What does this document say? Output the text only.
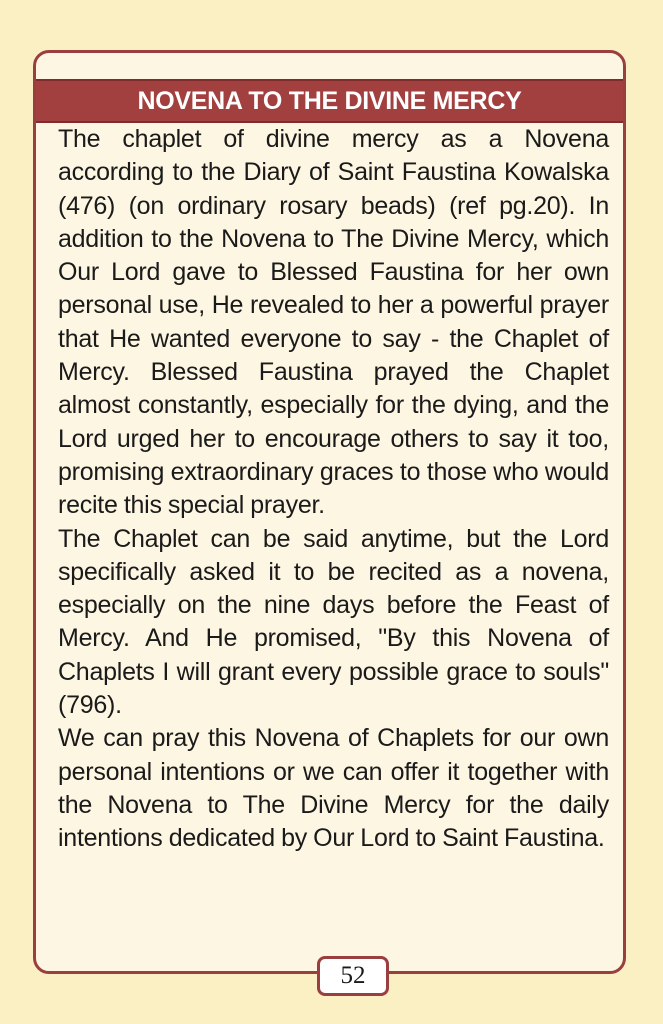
NOVENA TO THE DIVINE MERCY

The chaplet of divine mercy as a Novena according to the Diary of Saint Faustina Kowalska (476) (on ordinary rosary beads) (ref pg.20). In addition to the Novena to The Divine Mercy, which Our Lord gave to Blessed Faustina for her own personal use, He revealed to her a powerful prayer that He wanted everyone to say - the Chaplet of Mercy. Blessed Faustina prayed the Chaplet almost constantly, especially for the dying, and the Lord urged her to encourage others to say it too, promising extraordinary graces to those who would recite this special prayer.

The Chaplet can be said anytime, but the Lord specifically asked it to be recited as a novena, especially on the nine days before the Feast of Mercy. And He promised, "By this Novena of Chaplets I will grant every possible grace to souls"(796).

We can pray this Novena of Chaplets for our own personal intentions or we can offer it together with the Novena to The Divine Mercy for the daily intentions dedicated by Our Lord to Saint Faustina.

52
